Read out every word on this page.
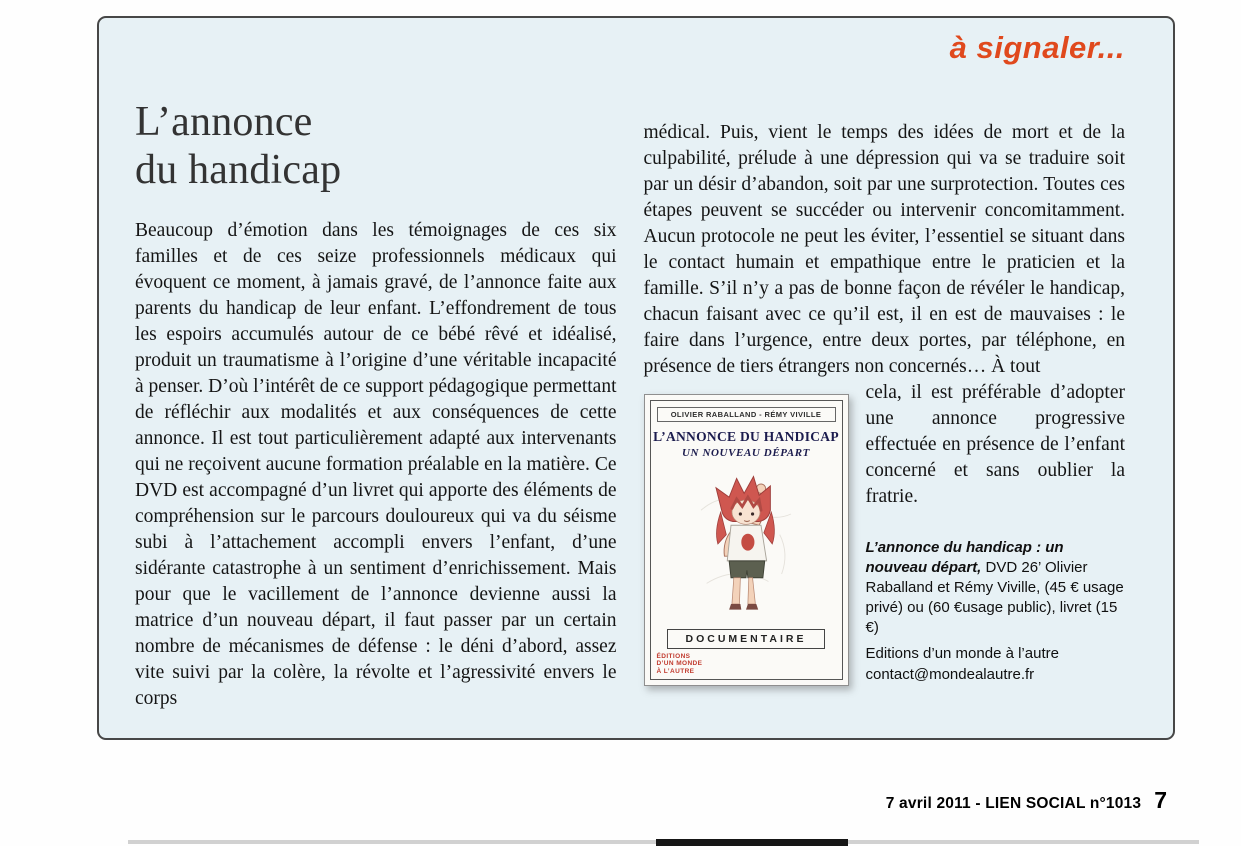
à signaler...
L’annonce
du handicap

Beaucoup d’émotion dans les témoignages de ces six familles et de ces seize professionnels médicaux qui évoquent ce moment, à jamais gravé, de l’annonce faite aux parents du handicap de leur enfant. L’effondrement de tous les espoirs accumulés autour de ce bébé rêvé et idéalisé, produit un traumatisme à l’origine d’une véritable incapacité à penser. D’où l’intérêt de ce support pédagogique permettant de réfléchir aux modalités et aux conséquences de cette annonce. Il est tout particulièrement adapté aux intervenants qui ne reçoivent aucune formation préalable en la matière. Ce DVD est accompagné d’un livret qui apporte des éléments de compréhension sur le parcours douloureux qui va du séisme subi à l’attachement accompli envers l’enfant, d’une sidérante catastrophe à un sentiment d’enrichissement. Mais pour que le vacillement de l’annonce devienne aussi la matrice d’un nouveau départ, il faut passer par un certain nombre de mécanismes de défense : le déni d’abord, assez vite suivi par la colère, la révolte et l’agressivité envers le corps

médical. Puis, vient le temps des idées de mort et de la culpabilité, prélude à une dépression qui va se traduire soit par un désir d’abandon, soit par une surprotection. Toutes ces étapes peuvent se succéder ou intervenir concomitamment. Aucun protocole ne peut les éviter, l’essentiel se situant dans le contact humain et empathique entre le praticien et la famille. S’il n’y a pas de bonne façon de révéler le handicap, chacun faisant avec ce qu’il est, il en est de mauvaises : le faire dans l’urgence, entre deux portes, par téléphone, en présence de tiers étrangers non concernés… À tout

OLIVIER RABALLAND - RÉMY VIVILLE
L’ANNONCE DU HANDICAP
UN NOUVEAU DÉPART
DOCUMENTAIRE
ÉDITIONS
D’UN MONDE
À L’AUTRE

cela, il est préférable d’adopter une annonce progressive effectuée en présence de l’enfant concerné et sans oublier la fratrie.

L’annonce du handicap : un nouveau départ, DVD 26’ Olivier Raballand et Rémy Viville, (45 € usage privé) ou (60 €usage public), livret (15 €)
Editions d’un monde à l’autre
contact@mondealautre.fr
7 avril 2011 - LIEN SOCIAL n°1013 7
